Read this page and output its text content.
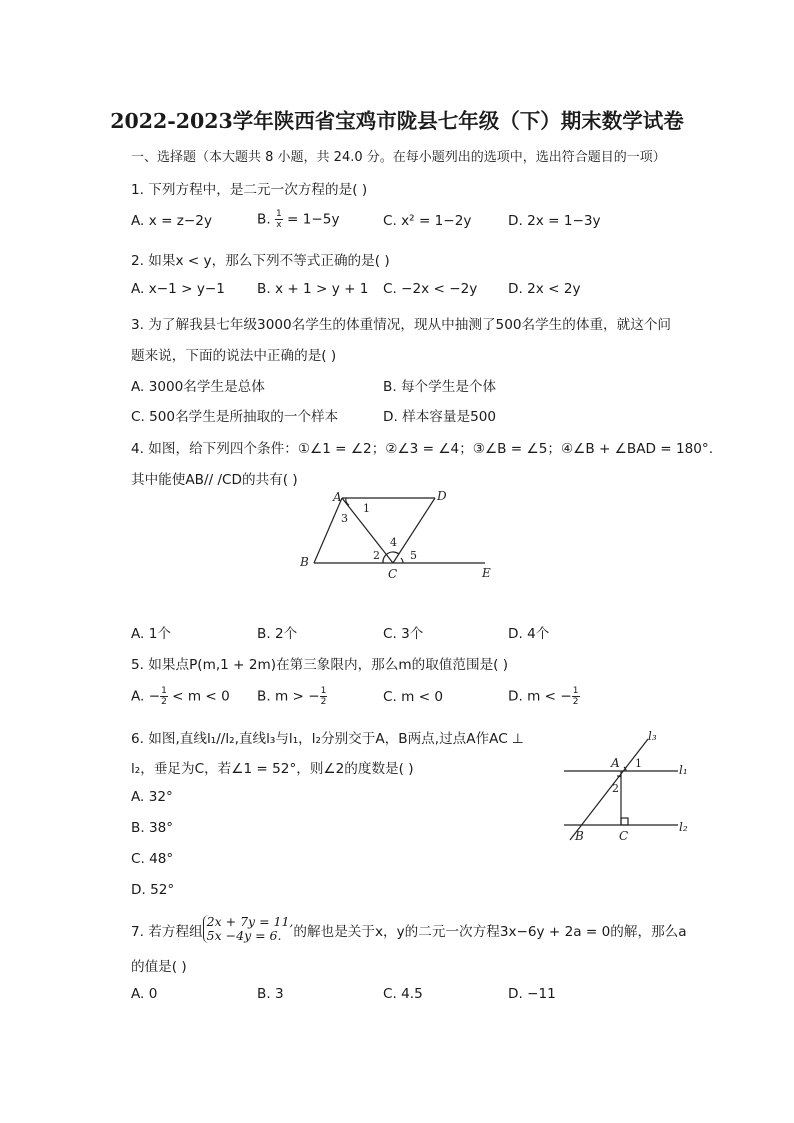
2022-2023学年陕西省宝鸡市陇县七年级（下）期末数学试卷
一、选择题（本大题共 8 小题，共 24.0 分。在每小题列出的选项中，选出符合题目的一项）
1. 下列方程中，是二元一次方程的是( )
A. x = z−2y	B. $\frac{1}{x} = 1-5y$	C. x² = 1−2y	D. 2x = 1−3y
2. 如果x < y，那么下列不等式正确的是( )
A. x−1 > y−1 B. x + 1 > y + 1 C. −2x < −2y D. 2x < 2y
3. 为了解我县七年级3000名学生的体重情况，现从中抽测了500名学生的体重，就这个问
题来说，下面的说法中正确的是( )
A. 3000名学生是总体	B. 每个学生是个体
C. 500名学生是所抽取的一个样本	D. 样本容量是500
4. 如图，给下列四个条件：①∠1 = ∠2；②∠3 = ∠4；③∠B = ∠5；④∠B + ∠BAD = 180°.
其中能使AB// /CD的共有( )
A	D
B
C	E
1
3
4
2	5
A. 1个	B. 2个	C. 3个	D. 4个
5. 如果点P(m,1 + 2m)在第三象限内，那么m的取值范围是( )
A. − $\frac{1}{2} < m < 0$ B. m > − $\frac{1}{2}$	C. m < 0	D. m < − $\frac{1}{2}$
6. 如图,直线l₁//l₂,直线l₃与l₁，l₂分别交于A，B两点,过点A作AC ⊥
l₂，垂足为C，若∠1 = 52°，则∠2的度数是( )
A. 32°
B. 38°
C. 48°
D. 52°
l₃
l₁
l₂
A
B	C
1
2
7. 若方程组
2x + 7y = 11,
5x −4y = 6. 的解也是关于x，y的二元一次方程3x−6y + 2a = 0的解，那么a
的值是( )
A. 0	B. 3	C. 4.5	D. −11
